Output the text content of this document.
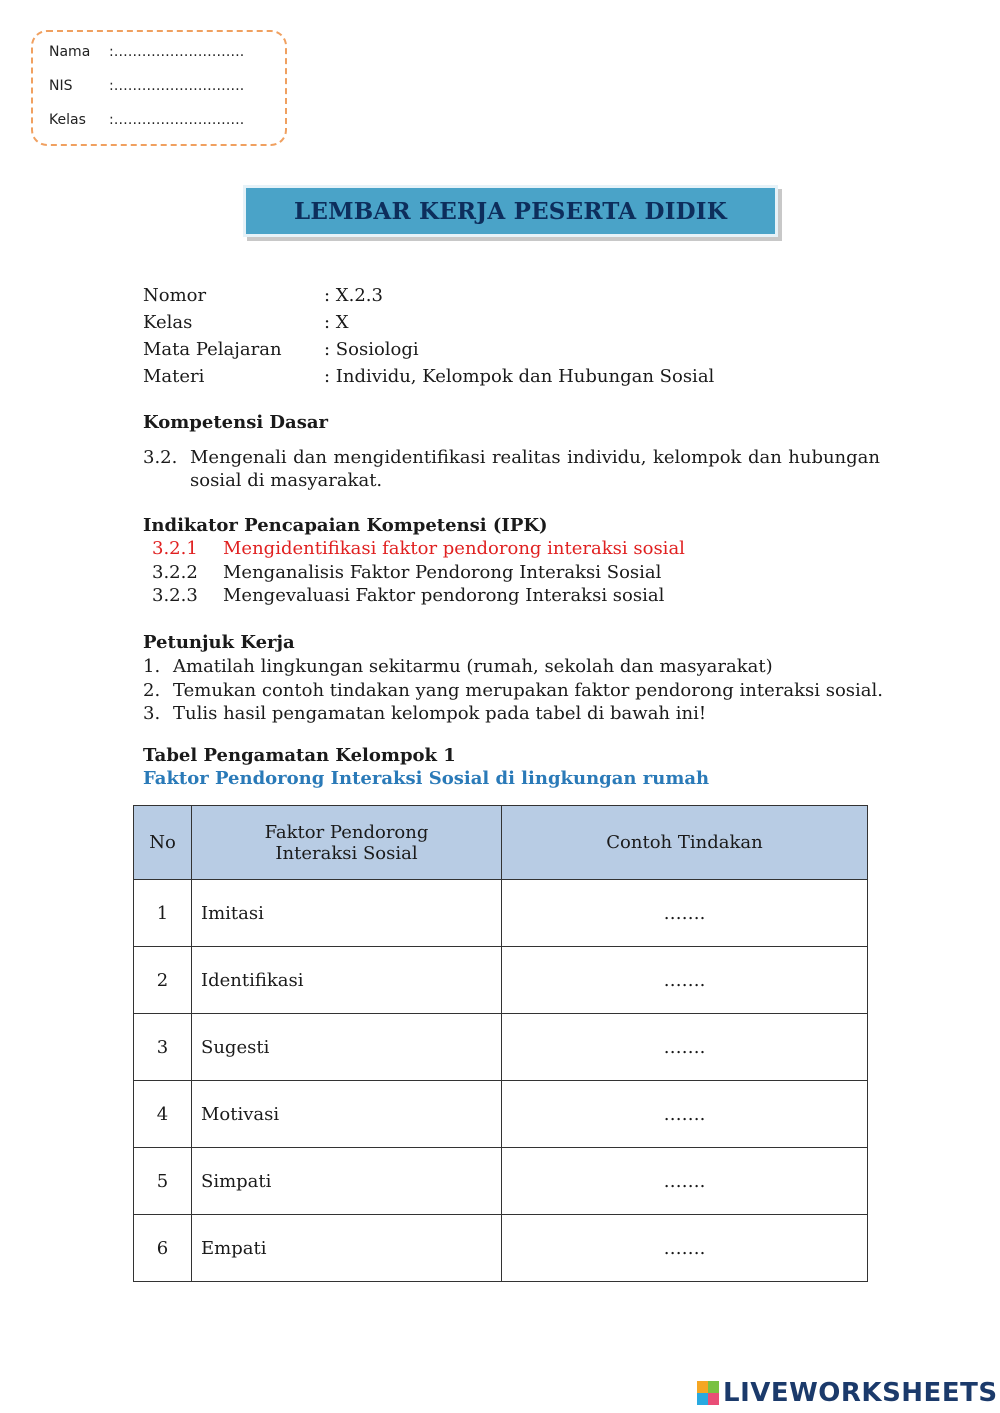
Nama :……………………….
NIS	:……………………….
Kelas :……………………….
LEMBAR KERJA PESERTA DIDIK
Nomor	: X.2.3
Kelas	: X
Mata Pelajaran : Sosiologi
Materi	: Individu, Kelompok dan Hubungan Sosial
Kompetensi Dasar
3.2. Mengenali dan mengidentifikasi realitas individu, kelompok dan hubungan sosial di masyarakat.
Indikator Pencapaian Kompetensi (IPK)
3.2.1 Mengidentifikasi faktor pendorong interaksi sosial
3.2.2 Menganalisis Faktor Pendorong Interaksi Sosial
3.2.3 Mengevaluasi Faktor pendorong Interaksi sosial
Petunjuk Kerja
1. Amatilah lingkungan sekitarmu (rumah, sekolah dan masyarakat)
2. Temukan contoh tindakan yang merupakan faktor pendorong interaksi sosial.
3. Tulis hasil pengamatan kelompok pada tabel di bawah ini!
Tabel Pengamatan Kelompok 1
Faktor Pendorong Interaksi Sosial di lingkungan rumah
No	Faktor Pendorong Interaksi Sosial	Contoh Tindakan
1	Imitasi	…….
2	Identifikasi	…….
3	Sugesti	…….
4	Motivasi	…….
5	Simpati	…….
6	Empati	…….
LIVEWORKSHEETS
